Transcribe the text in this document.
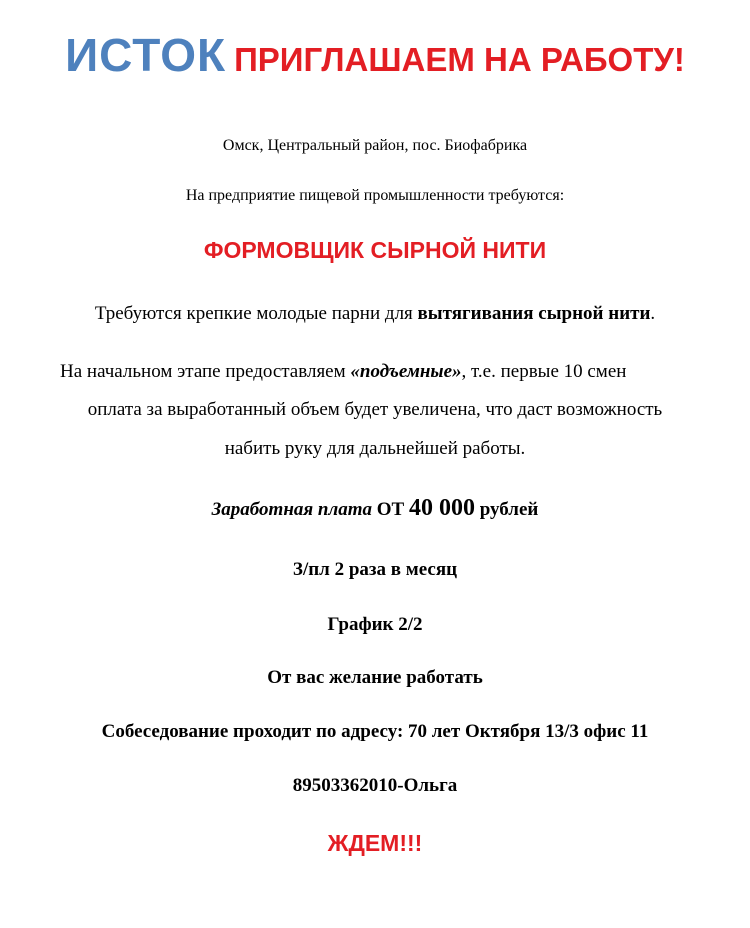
ИСТОК ПРИГЛАШАЕМ НА РАБОТУ!
Омск, Центральный район, пос. Биофабрика
На предприятие пищевой промышленности требуются:
ФОРМОВЩИК СЫРНОЙ НИТИ
Требуются крепкие молодые парни для вытягивания сырной нити.
На начальном этапе предоставляем «подъемные», т.е. первые 10 смен
оплата за выработанный объем будет увеличена, что даст возможность
набить руку для дальнейшей работы.
Заработная плата ОТ 40 000 рублей
З/пл 2 раза в месяц
График 2/2
От вас желание работать
Собеседование проходит по адресу: 70 лет Октября 13/3 офис 11
89503362010-Ольга
ЖДЕМ!!!
